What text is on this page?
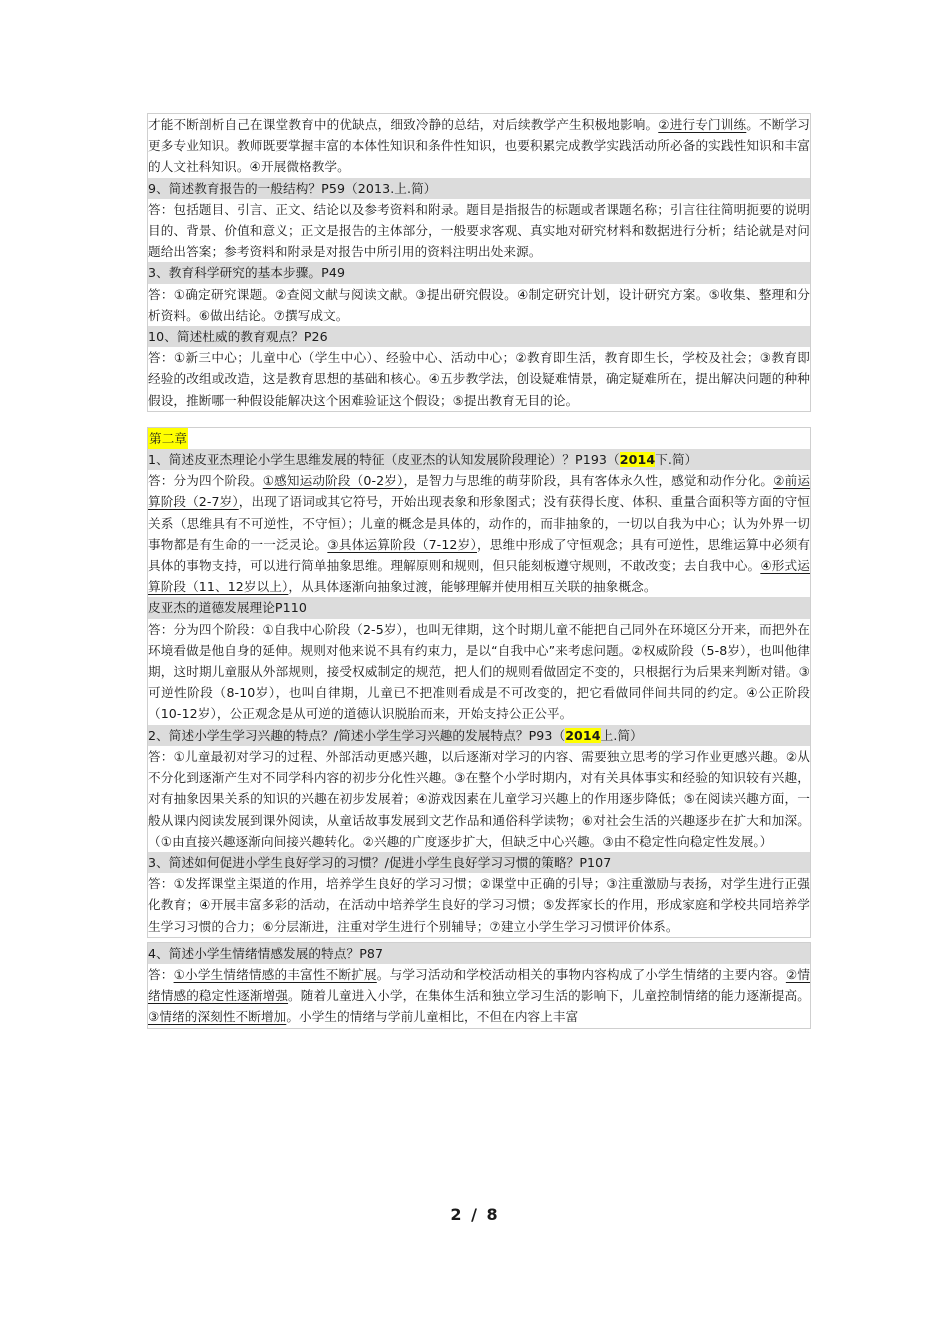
才能不断剖析自己在课堂教育中的优缺点，细致冷静的总结，对后续教学产生积极地影响。②进行专门训练。不断学习更多专业知识。教师既要掌握丰富的本体性知识和条件性知识，也要积累完成教学实践活动所必备的实践性知识和丰富的人文社科知识。④开展微格教学。
9、简述教育报告的一般结构？P59（2013.上.简）
答：包括题目、引言、正文、结论以及参考资料和附录。题目是指报告的标题或者课题名称；引言往往简明扼要的说明目的、背景、价值和意义；正文是报告的主体部分，一般要求客观、真实地对研究材料和数据进行分析；结论就是对问题给出答案；参考资料和附录是对报告中所引用的资料注明出处来源。
3、教育科学研究的基本步骤。P49
答：①确定研究课题。②查阅文献与阅读文献。③提出研究假设。④制定研究计划，设计研究方案。⑤收集、整理和分析资料。⑥做出结论。⑦撰写成文。
10、简述杜威的教育观点？P26
答：①新三中心；儿童中心（学生中心）、经验中心、活动中心；②教育即生活，教育即生长，学校及社会；③教育即经验的改组或改造，这是教育思想的基础和核心。④五步教学法，创设疑难情景，确定疑难所在，提出解决问题的种种假设，推断哪一种假设能解决这个困难验证这个假设；⑤提出教育无目的论。
第二章
1、简述皮亚杰理论小学生思维发展的特征（皮亚杰的认知发展阶段理论）？P193（2014下.简）
答：分为四个阶段。①感知运动阶段（0-2岁），是智力与思维的萌芽阶段，具有客体永久性，感觉和动作分化。②前运算阶段（2-7岁），出现了语词或其它符号，开始出现表象和形象图式；没有获得长度、体积、重量合面积等方面的守恒关系（思维具有不可逆性，不守恒）；儿童的概念是具体的，动作的，而非抽象的，一切以自我为中心；认为外界一切事物都是有生命的一一泛灵论。③具体运算阶段（7-12岁），思维中形成了守恒观念；具有可逆性，思维运算中必须有具体的事物支持，可以进行简单抽象思维。理解原则和规则，但只能刻板遵守规则，不敢改变；去自我中心。④形式运算阶段（11、12岁以上），从具体逐渐向抽象过渡，能够理解并使用相互关联的抽象概念。
皮亚杰的道德发展理论P110
答：分为四个阶段：①自我中心阶段（2-5岁），也叫无律期，这个时期儿童不能把自己同外在环境区分开来，而把外在环境看做是他自身的延伸。规则对他来说不具有约束力，是以“自我中心”来考虑问题。②权威阶段（5-8岁），也叫他律期，这时期儿童服从外部规则，接受权威制定的规范，把人们的规则看做固定不变的，只根据行为后果来判断对错。③可逆性阶段（8-10岁），也叫自律期，儿童已不把准则看成是不可改变的，把它看做同伴间共同的约定。④公正阶段（10-12岁），公正观念是从可逆的道德认识脱胎而来，开始支持公正公平。
2、简述小学生学习兴趣的特点？/简述小学生学习兴趣的发展特点？P93（2014上.简）
答：①儿童最初对学习的过程、外部活动更感兴趣，以后逐渐对学习的内容、需要独立思考的学习作业更感兴趣。②从不分化到逐渐产生对不同学科内容的初步分化性兴趣。③在整个小学时期内，对有关具体事实和经验的知识较有兴趣，对有抽象因果关系的知识的兴趣在初步发展着；④游戏因素在儿童学习兴趣上的作用逐步降低；⑤在阅读兴趣方面，一般从课内阅读发展到课外阅读，从童话故事发展到文艺作品和通俗科学读物；⑥对社会生活的兴趣逐步在扩大和加深。（①由直接兴趣逐渐向间接兴趣转化。②兴趣的广度逐步扩大，但缺乏中心兴趣。③由不稳定性向稳定性发展。）
3、简述如何促进小学生良好学习的习惯？/促进小学生良好学习习惯的策略？P107
答：①发挥课堂主渠道的作用，培养学生良好的学习习惯；②课堂中正确的引导；③注重激励与表扬，对学生进行正强化教育；④开展丰富多彩的活动，在活动中培养学生良好的学习习惯；⑤发挥家长的作用，形成家庭和学校共同培养学生学习习惯的合力；⑥分层渐进，注重对学生进行个别辅导；⑦建立小学生学习习惯评价体系。
4、简述小学生情绪情感发展的特点？P87
答：①小学生情绪情感的丰富性不断扩展。与学习活动和学校活动相关的事物内容构成了小学生情绪的主要内容。②情绪情感的稳定性逐渐增强。随着儿童进入小学，在集体生活和独立学习生活的影响下，儿童控制情绪的能力逐渐提高。③情绪的深刻性不断增加。小学生的情绪与学前儿童相比，不但在内容上丰富
2 / 8
